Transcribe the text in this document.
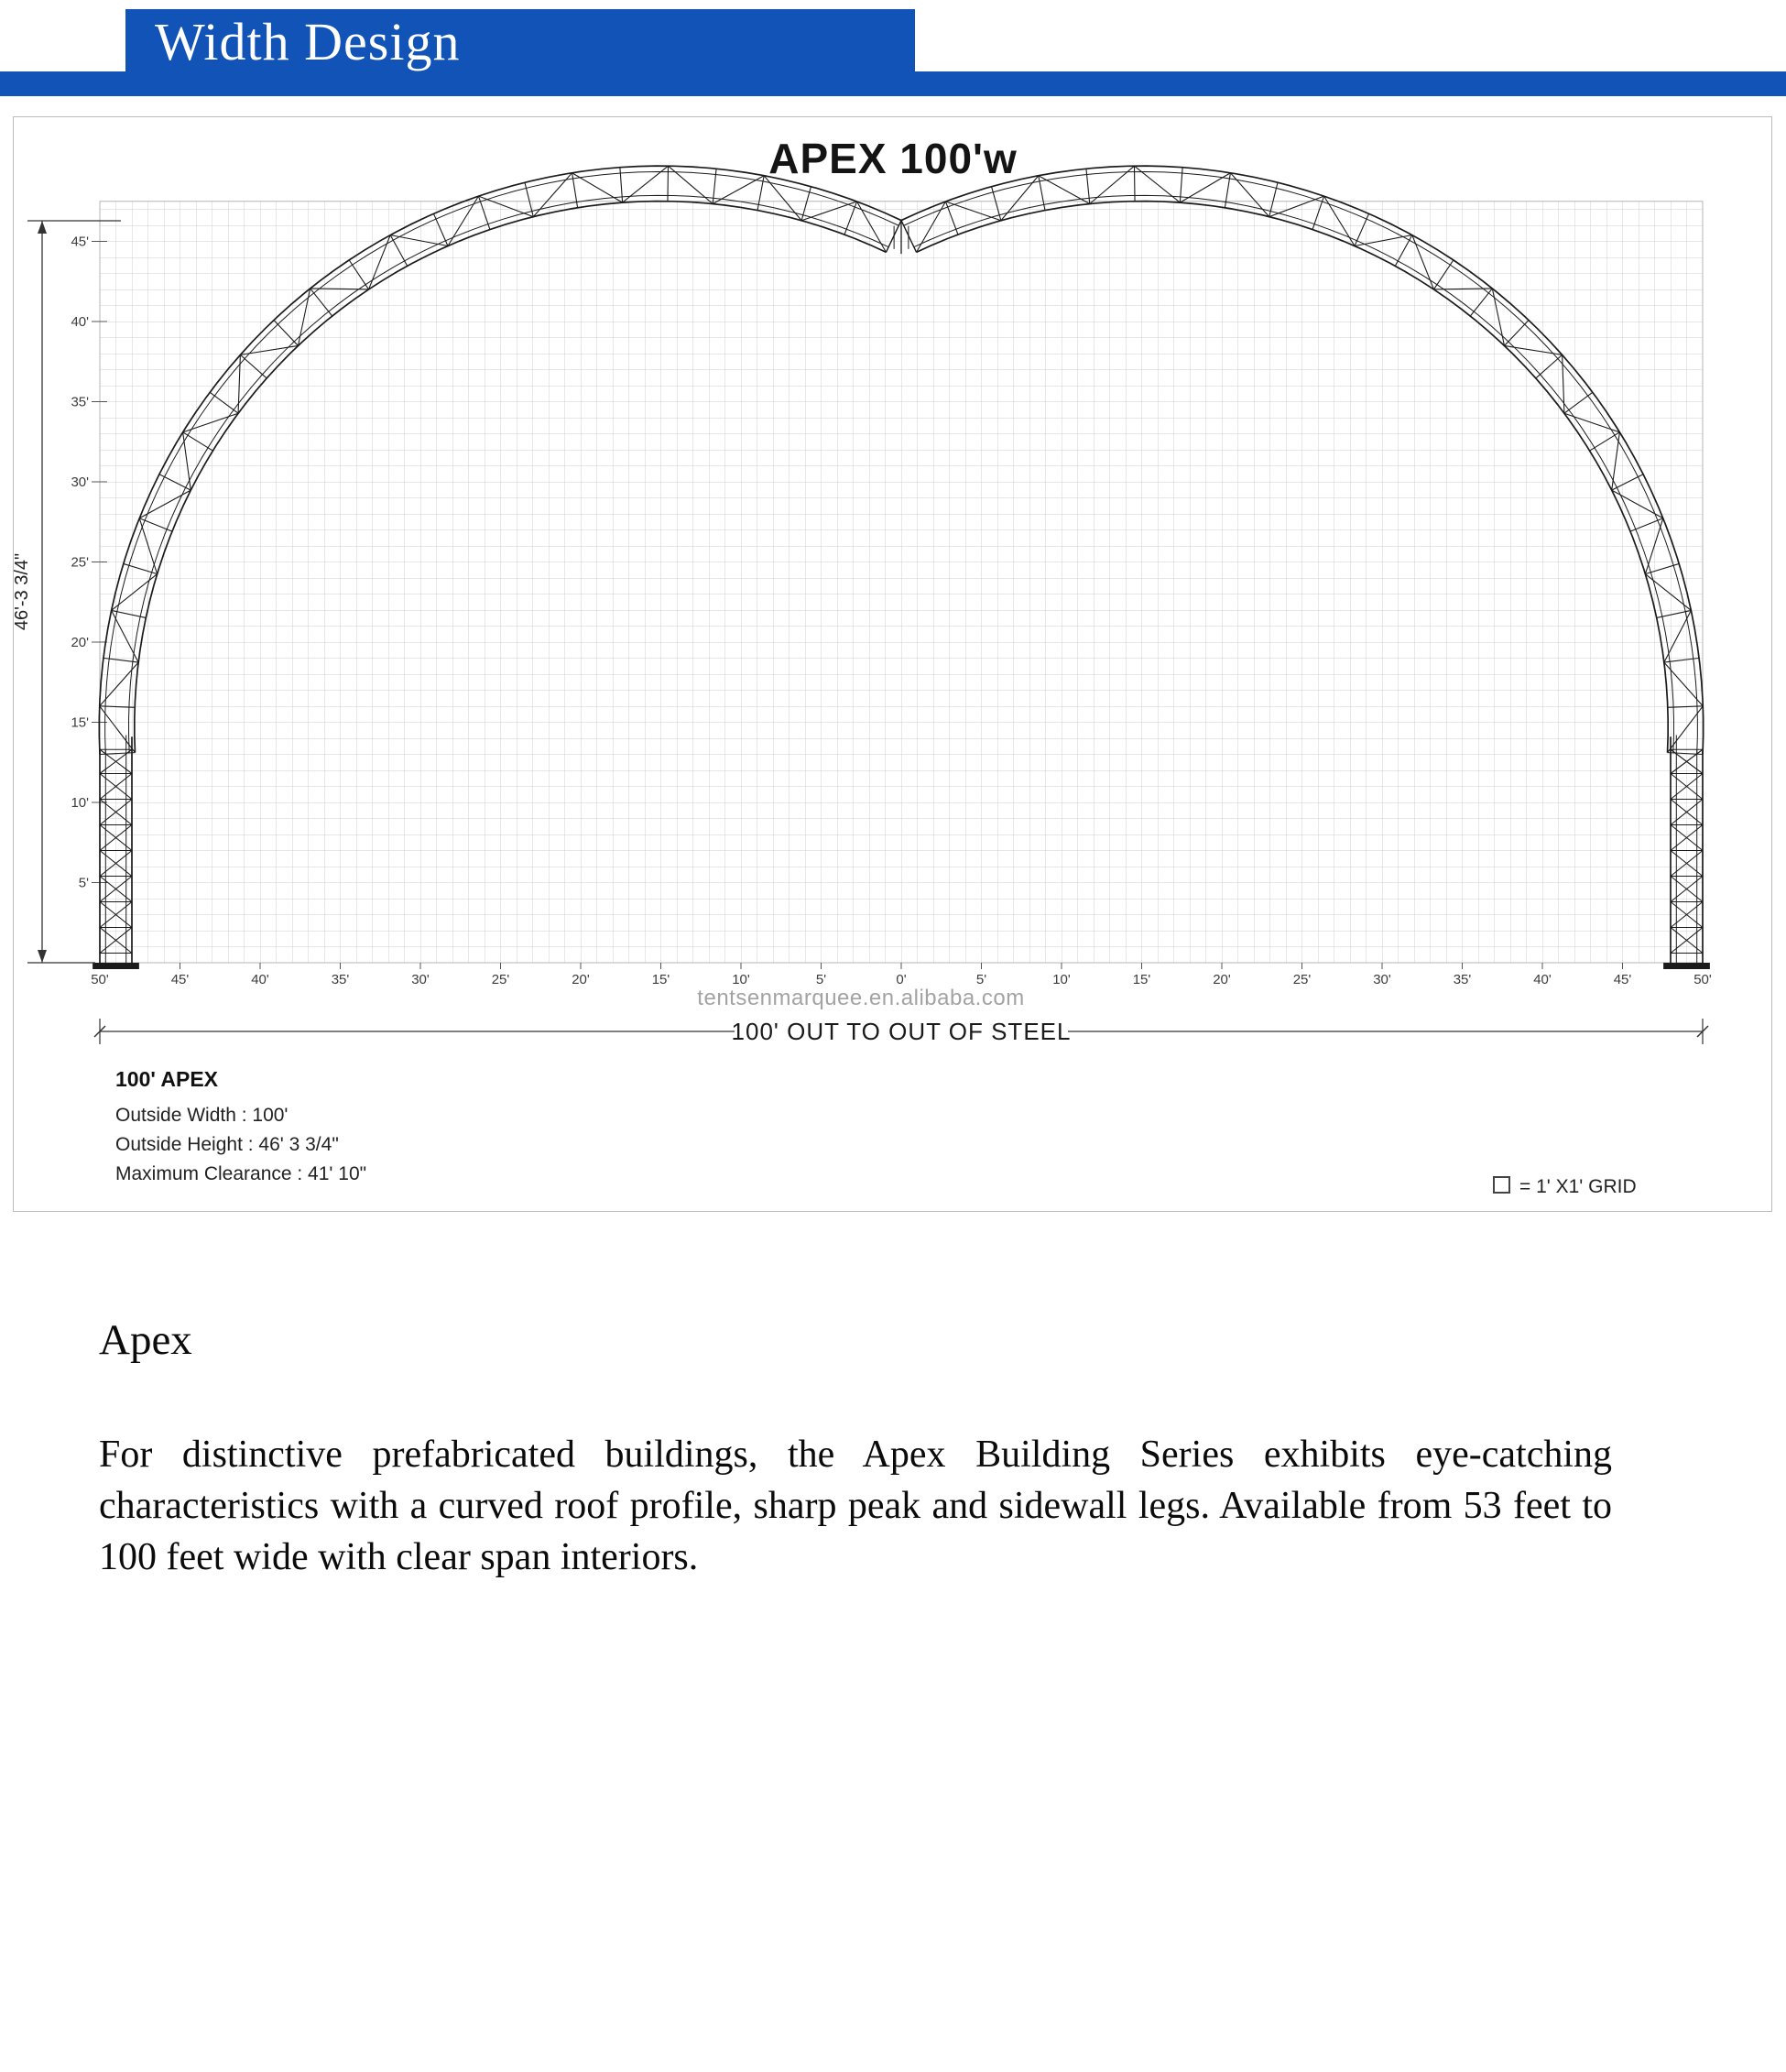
Width Design
APEX 100'w
45'
40'
35'
30'
25'
20'
15'
10'
5'
50'	50'
45'	45'
40'	40'
35'	35'
30'	30'
25'	25'
20'	20'
15'	15'
10'	10'
5'	5'
0'
46'-3 3/4"
100' OUT TO OUT OF STEEL
tentsenmarquee.en.alibaba.com
100' APEX
Outside Width : 100'
Outside Height : 46' 3 3/4"
Maximum Clearance : 41' 10"
= 1' X1' GRID
Apex
For distinctive prefabricated buildings, the Apex Building Series exhibits eye-catching characteristics with a curved roof profile, sharp peak and sidewall legs. Available from 53 feet to 100 feet wide with clear span interiors.
